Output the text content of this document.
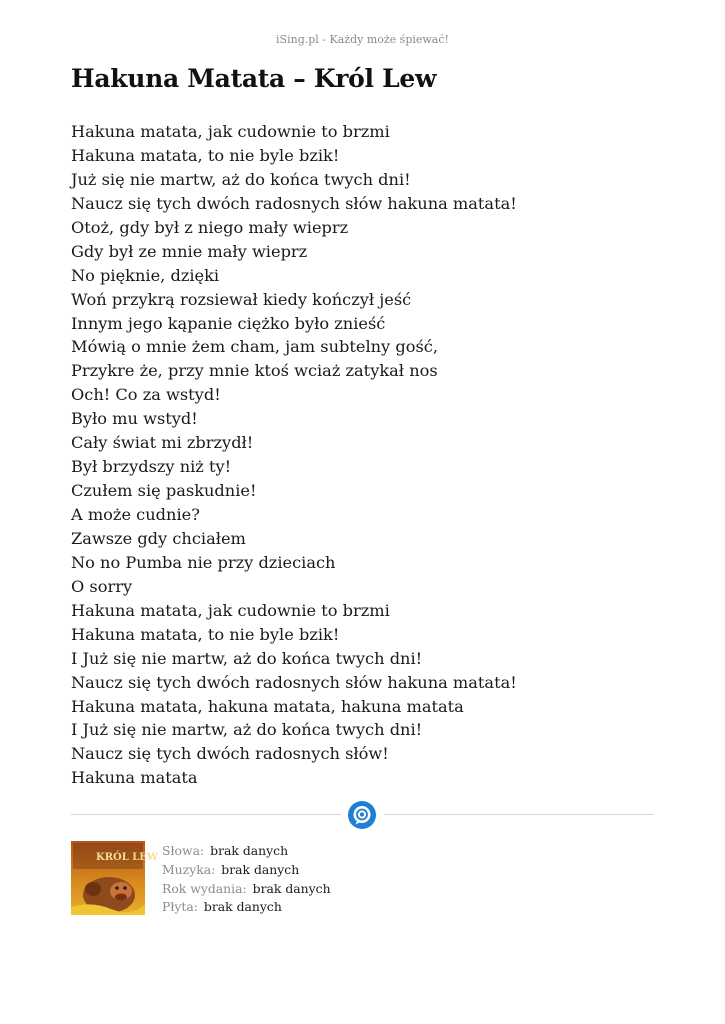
iSing.pl - Każdy może śpiewać!
Hakuna Matata – Król Lew
Hakuna matata, jak cudownie to brzmi
Hakuna matata, to nie byle bzik!
Już się nie martw, aż do końca twych dni!
Naucz się tych dwóch radosnych słów hakuna matata!
Otoż, gdy był z niego mały wieprz
Gdy był ze mnie mały wieprz
No pięknie, dzięki
Woń przykrą rozsiewał kiedy kończył jeść
Innym jego kąpanie ciężko było znieść
Mówią o mnie żem cham, jam subtelny gość,
Przykre że, przy mnie ktoś wciaż zatykał nos
Och! Co za wstyd!
Było mu wstyd!
Cały świat mi zbrzydł!
Był brzydszy niż ty!
Czułem się paskudnie!
A może cudnie?
Zawsze gdy chciałem
No no Pumba nie przy dzieciach
O sorry
Hakuna matata, jak cudownie to brzmi
Hakuna matata, to nie byle bzik!
I Już się nie martw, aż do końca twych dni!
Naucz się tych dwóch radosnych słów hakuna matata!
Hakuna matata, hakuna matata, hakuna matata
I Już się nie martw, aż do końca twych dni!
Naucz się tych dwóch radosnych słów!
Hakuna matata
KRÓL LEW Słowa: brak danych
Muzyka: brak danych
Rok wydania: brak danych
Płyta: brak danych
